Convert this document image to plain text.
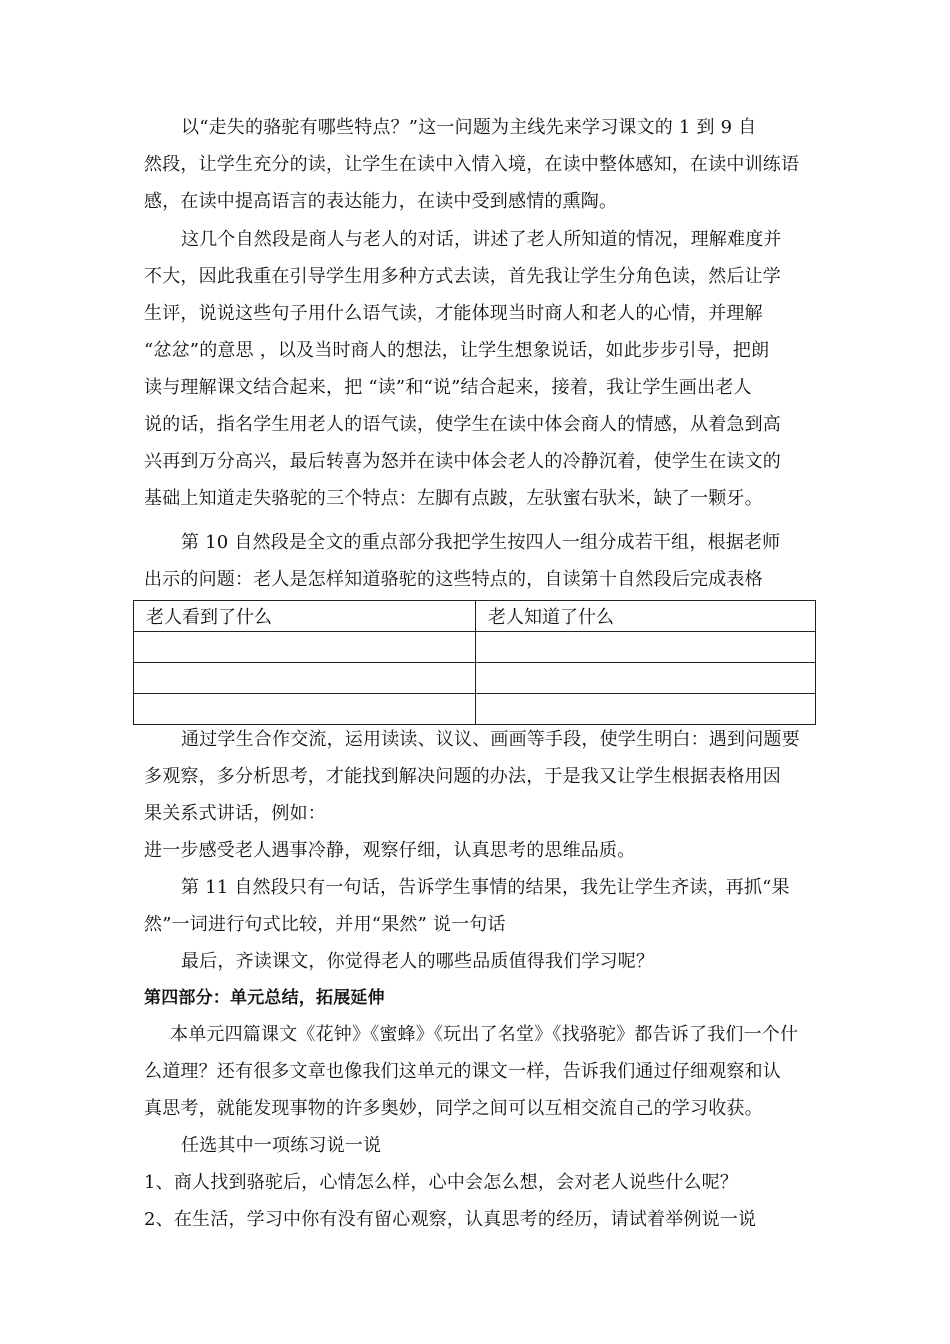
以“走失的骆驼有哪些特点？”这一问题为主线先来学习课文的 1 到 9 自
然段，让学生充分的读，让学生在读中入情入境，在读中整体感知，在读中训练语
感，在读中提高语言的表达能力，在读中受到感情的熏陶。
这几个自然段是商人与老人的对话，讲述了老人所知道的情况，理解难度并
不大，因此我重在引导学生用多种方式去读，首先我让学生分角色读，然后让学
生评，说说这些句子用什么语气读，才能体现当时商人和老人的心情，并理解
“忿忿”的意思 ，以及当时商人的想法，让学生想象说话，如此步步引导，把朗
读与理解课文结合起来，把 “读”和“说”结合起来，接着，我让学生画出老人
说的话，指名学生用老人的语气读，使学生在读中体会商人的情感，从着急到高
兴再到万分高兴，最后转喜为怒并在读中体会老人的冷静沉着，使学生在读文的
基础上知道走失骆驼的三个特点：左脚有点跛，左驮蜜右驮米，缺了一颗牙。
第 10 自然段是全文的重点部分我把学生按四人一组分成若干组，根据老师
出示的问题：老人是怎样知道骆驼的这些特点的，自读第十自然段后完成表格
老人看到了什么	老人知道了什么

通过学生合作交流，运用读读、议议、画画等手段，使学生明白：遇到问题要
多观察，多分析思考，才能找到解决问题的办法，于是我又让学生根据表格用因
果关系式讲话，例如：
进一步感受老人遇事冷静，观察仔细，认真思考的思维品质。
第 11 自然段只有一句话，告诉学生事情的结果，我先让学生齐读，再抓“果
然”一词进行句式比较，并用“果然” 说一句话
最后，齐读课文，你觉得老人的哪些品质值得我们学习呢？
第四部分：单元总结，拓展延伸
本单元四篇课文《花钟》《蜜蜂》《玩出了名堂》《找骆驼》都告诉了我们一个什
么道理？还有很多文章也像我们这单元的课文一样，告诉我们通过仔细观察和认
真思考，就能发现事物的许多奥妙，同学之间可以互相交流自己的学习收获。
任选其中一项练习说一说
1、商人找到骆驼后，心情怎么样，心中会怎么想，会对老人说些什么呢？
2、在生活，学习中你有没有留心观察，认真思考的经历，请试着举例说一说
